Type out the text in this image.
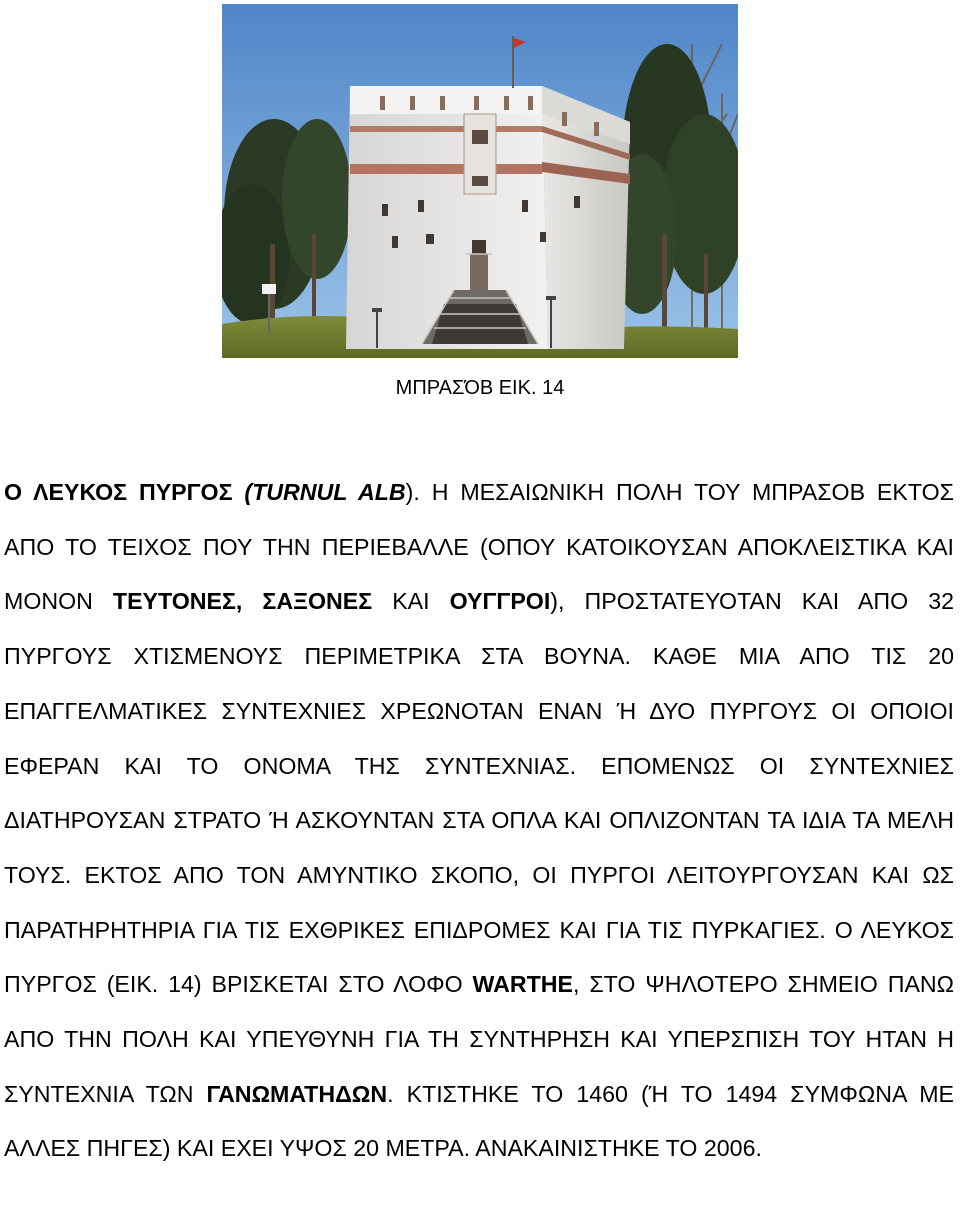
ΜΠΡΑΣΌΒ ΕΙΚ. 14

Ο ΛΕΥΚΟΣ ΠΥΡΓΟΣ (TURNUL ALB). Η ΜΕΣΑΙΩΝΙΚΗ ΠΟΛΗ ΤΟΥ ΜΠΡΑΣΟΒ ΕΚΤΟΣ ΑΠΟ ΤΟ ΤΕΙΧΟΣ ΠΟΥ ΤΗΝ ΠΕΡΙΕΒΑΛΛΕ (ΟΠΟΥ ΚΑΤΟΙΚΟΥΣΑΝ ΑΠΟΚΛΕΙΣΤΙΚΑ ΚΑΙ ΜΟΝΟΝ ΤΕΥΤΟΝΕΣ, ΣΑΞΟΝΕΣ ΚΑΙ ΟΥΓΓΡΟΙ), ΠΡΟΣΤΑΤΕΥΟΤΑΝ ΚΑΙ ΑΠΟ 32 ΠΥΡΓΟΥΣ ΧΤΙΣΜΕΝΟΥΣ ΠΕΡΙΜΕΤΡΙΚΑ ΣΤΑ ΒΟΥΝΑ. ΚΑΘΕ ΜΙΑ ΑΠΟ ΤΙΣ 20 ΕΠΑΓΓΕΛΜΑΤΙΚΕΣ ΣΥΝΤΕΧΝΙΕΣ ΧΡΕΩΝΟΤΑΝ ΕΝΑΝ Ή ΔΥΟ ΠΥΡΓΟΥΣ ΟΙ ΟΠΟΙΟΙ ΕΦΕΡΑΝ ΚΑΙ ΤΟ ΟΝΟΜΑ ΤΗΣ ΣΥΝΤΕΧΝΙΑΣ. ΕΠΟΜΕΝΩΣ ΟΙ ΣΥΝΤΕΧΝΙΕΣ ΔΙΑΤΗΡΟΥΣΑΝ ΣΤΡΑΤΟ Ή ΑΣΚΟΥΝΤΑΝ ΣΤΑ ΟΠΛΑ ΚΑΙ ΟΠΛΙΖΟΝΤΑΝ ΤΑ ΙΔΙΑ ΤΑ ΜΕΛΗ ΤΟΥΣ. ΕΚΤΟΣ ΑΠΟ ΤΟΝ ΑΜΥΝΤΙΚΟ ΣΚΟΠΟ, ΟΙ ΠΥΡΓΟΙ ΛΕΙΤΟΥΡΓΟΥΣΑΝ ΚΑΙ ΩΣ ΠΑΡΑΤΗΡΗΤΗΡΙΑ ΓΙΑ ΤΙΣ ΕΧΘΡΙΚΕΣ ΕΠΙΔΡΟΜΕΣ ΚΑΙ ΓΙΑ ΤΙΣ ΠΥΡΚΑΓΙΕΣ. Ο ΛΕΥΚΟΣ ΠΥΡΓΟΣ (ΕΙΚ. 14) ΒΡΙΣΚΕΤΑΙ ΣΤΟ ΛΟΦΟ WARTHE, ΣΤΟ ΨΗΛΟΤΕΡΟ ΣΗΜΕΙΟ ΠΑΝΩ ΑΠΟ ΤΗΝ ΠΟΛΗ ΚΑΙ ΥΠΕΥΘΥΝΗ ΓΙΑ ΤΗ ΣΥΝΤΗΡΗΣΗ ΚΑΙ ΥΠΕΡΣΠΙΣΗ ΤΟΥ ΗΤΑΝ Η ΣΥΝΤΕΧΝΙΑ ΤΩΝ ΓΑΝΩΜΑΤΗΔΩΝ. ΚΤΙΣΤΗΚΕ ΤΟ 1460 (Ή ΤΟ 1494 ΣΥΜΦΩΝΑ ΜΕ ΑΛΛΕΣ ΠΗΓΕΣ) ΚΑΙ ΕΧΕΙ ΥΨΟΣ 20 ΜΕΤΡΑ. ΑΝΑΚΑΙΝΙΣΤΗΚΕ ΤΟ 2006.
